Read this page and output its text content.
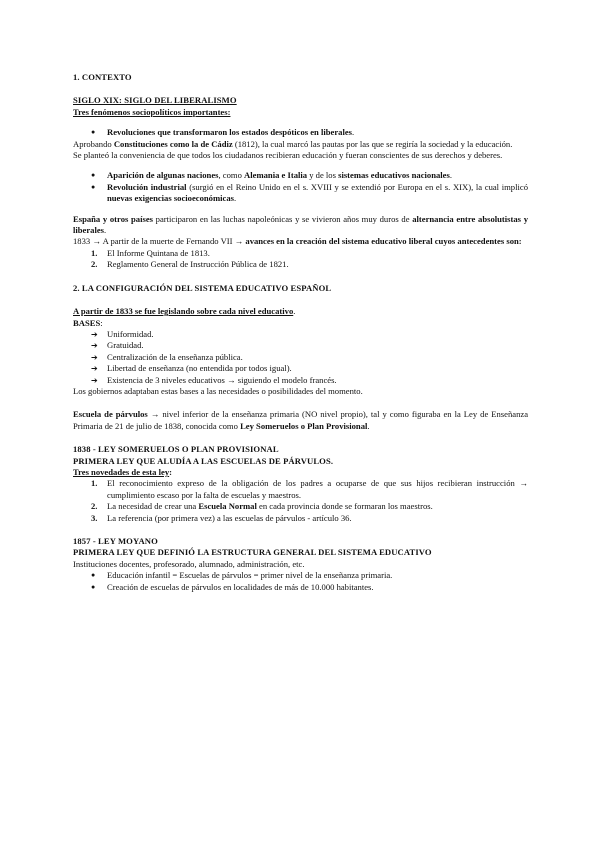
1. CONTEXTO
SIGLO XIX: SIGLO DEL LIBERALISMO
Tres fenómenos sociopolíticos importantes:
● Revoluciones que transformaron los estados despóticos en liberales.

Aprobando Constituciones como la de Cádiz (1812), la cual marcó las pautas por las que se regiría la sociedad y la educación.

Se planteó la conveniencia de que todos los ciudadanos recibieran educación y fueran conscientes de sus derechos y deberes.

● Aparición de algunas naciones, como Alemania e Italia y de los sistemas educativos nacionales.
● Revolución industrial (surgió en el Reino Unido en el s. XVIII y se extendió por Europa en el s. XIX), la cual implicó nuevas exigencias socioeconómicas.

España y otros países participaron en las luchas napoleónicas y se vivieron años muy duros de alternancia entre absolutistas y liberales.

1833 → A partir de la muerte de Fernando VII → avances en la creación del sistema educativo liberal cuyos antecedentes son:

1. El Informe Quintana de 1813.
2. Reglamento General de Instrucción Pública de 1821.
2. LA CONFIGURACIÓN DEL SISTEMA EDUCATIVO ESPAÑOL

A partir de 1833 se fue legislando sobre cada nivel educativo.

BASES:

➔ Uniformidad.
➔ Gratuidad.
➔ Centralización de la enseñanza pública.
➔ Libertad de enseñanza (no entendida por todos igual).
➔ Existencia de 3 niveles educativos → siguiendo el modelo francés.

Los gobiernos adaptaban estas bases a las necesidades o posibilidades del momento.

Escuela de párvulos → nivel inferior de la enseñanza primaria (NO nivel propio), tal y como figuraba en la Ley de Enseñanza Primaria de 21 de julio de 1838, conocida como Ley Someruelos o Plan Provisional.

1838 - LEY SOMERUELOS O PLAN PROVISIONAL
PRIMERA LEY QUE ALUDÍA A LAS ESCUELAS DE PÁRVULOS.

Tres novedades de esta ley:

1. El reconocimiento expreso de la obligación de los padres a ocuparse de que sus hijos recibieran instrucción → cumplimiento escaso por la falta de escuelas y maestros.
2. La necesidad de crear una Escuela Normal en cada provincia donde se formaran los maestros.
3. La referencia (por primera vez) a las escuelas de párvulos - artículo 36.
1857 - LEY MOYANO
PRIMERA LEY QUE DEFINIÓ LA ESTRUCTURA GENERAL DEL SISTEMA EDUCATIVO

Instituciones docentes, profesorado, alumnado, administración, etc.

● Educación infantil = Escuelas de párvulos = primer nivel de la enseñanza primaria.
● Creación de escuelas de párvulos en localidades de más de 10.000 habitantes.
